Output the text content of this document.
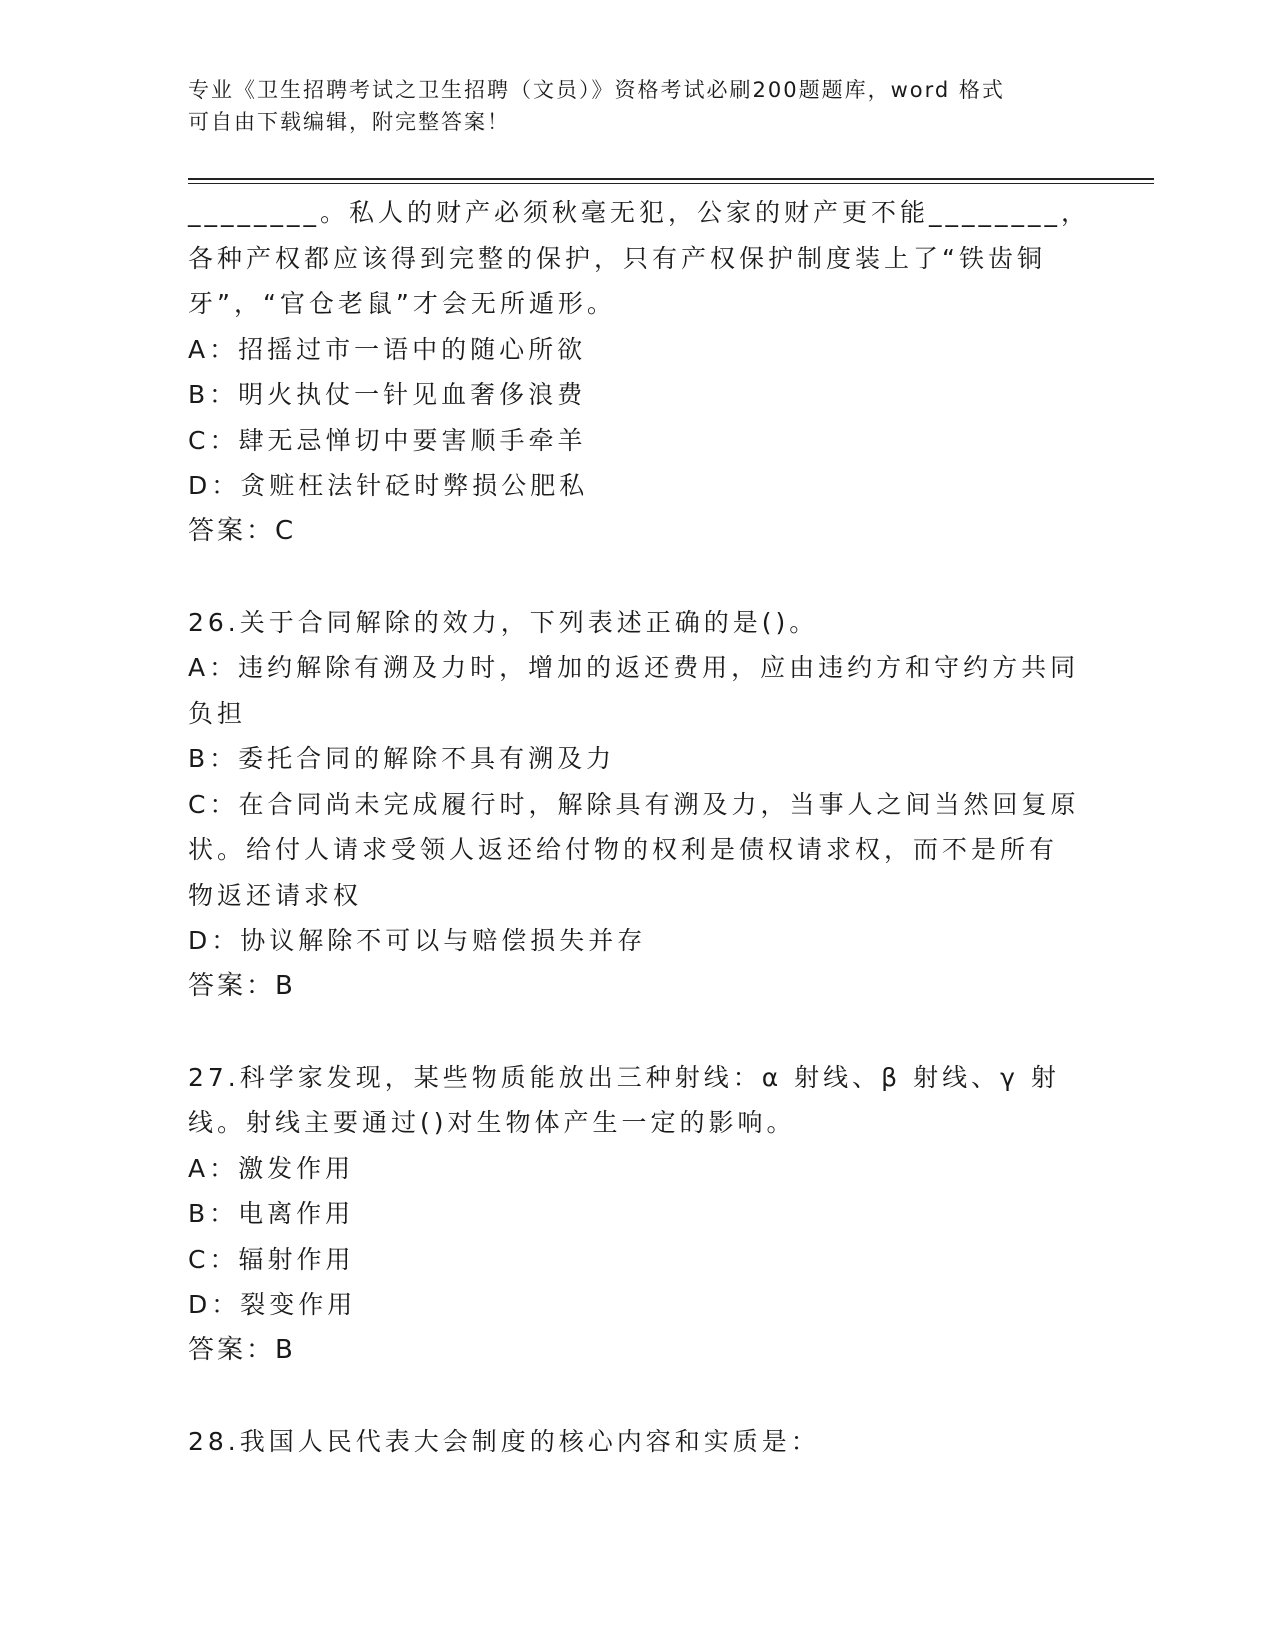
专业《卫生招聘考试之卫生招聘（文员）》资格考试必刷200题题库，word 格式
可自由下载编辑，附完整答案！
________。私人的财产必须秋毫无犯，公家的财产更不能________，
各种产权都应该得到完整的保护，只有产权保护制度装上了“铁齿铜
牙”，“官仓老鼠”才会无所遁形。
A：招摇过市一语中的随心所欲
B：明火执仗一针见血奢侈浪费
C：肆无忌惮切中要害顺手牵羊
D：贪赃枉法针砭时弊损公肥私
答案：C
26.关于合同解除的效力，下列表述正确的是()。
A：违约解除有溯及力时，增加的返还费用，应由违约方和守约方共同
负担
B：委托合同的解除不具有溯及力
C：在合同尚未完成履行时，解除具有溯及力，当事人之间当然回复原
状。给付人请求受领人返还给付物的权利是债权请求权，而不是所有
物返还请求权
D：协议解除不可以与赔偿损失并存
答案：B
27.科学家发现，某些物质能放出三种射线：α 射线、β 射线、γ 射
线。射线主要通过()对生物体产生一定的影响。
A：激发作用
B：电离作用
C：辐射作用
D：裂变作用
答案：B
28.我国人民代表大会制度的核心内容和实质是：
